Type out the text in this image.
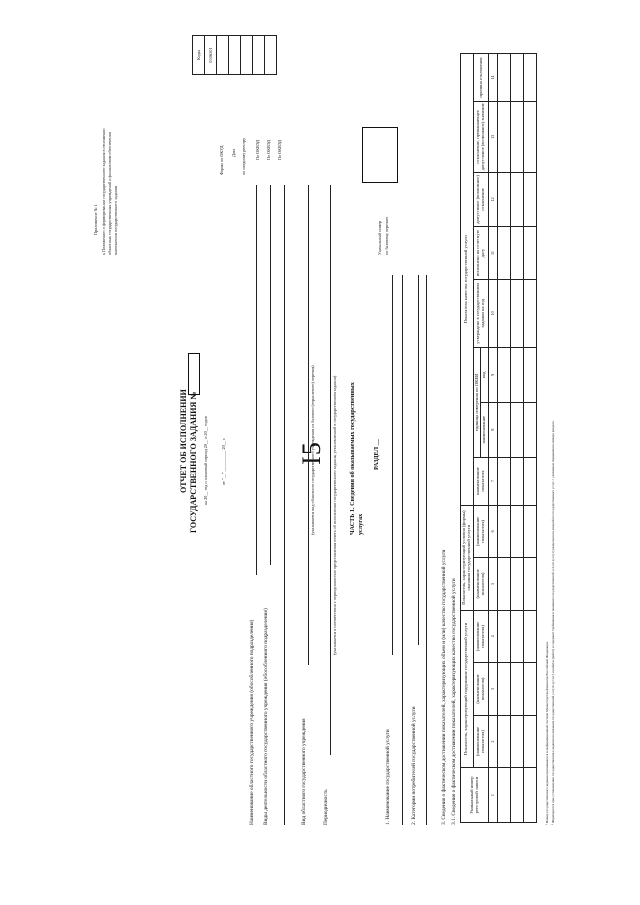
I5
Приложение № 1 к Положению о формировании государственного задания в отношении областных государственных учреждений и финансовом обеспечении выполнения государственного задания
ОТЧЕТ ОБ ИСПОЛНЕНИИ ГОСУДАРСТВЕННОГО ЗАДАНИЯ № на 20__ год и плановый период 20__ и 20__ годов	от "__" __________ 20__ г.
	Коды
	0506501

Форма по ОКУД Дата по сводному реестру По ОКВЭД По ОКВЭД По ОКВЭД
Наименование областного государственного учреждения (обособленного подразделения) Виды деятельности областного государственного учреждения (обособленного подразделения)	Вид областного государственного учреждения
(указывается вид областного государственного учреждения из базового (отраслевого) перечня)
Периодичность
(указывается в соответствии с периодичностью представления отчета об исполнении государственного задания, установленной в государственном задании) ЧАСТЬ 1. Сведения об оказываемых государственных услугах
РАЗДЕЛ __
1. Наименование государственной услуги	2. Категории потребителей государственной услуги
Уникальный номер по базовому перечню
3. Сведения о фактическом достижении показателей, характеризующих объем и (или) качество государственной услуги 3.1. Сведения о фактическом достижении показателей, характеризующих качество государственной услуги	Уникальный номер реестровой записи	Показатель, характеризующий содержание государственной услуги			Показатель, характеризующий условия (формы) оказания государственной услуги		Показатель качества государственной услуги							
	(наименование показателя)	(наименование показателя)	(наименование показателя)	(наименование показателя)	(наименование показателя)	наименование показателя	единица измерения по ОКЕИ		утверждено в государственном задании на год	исполнено на отчетную дату	допустимое (возможное) отклонение	отклонение, превышающее допустимое (возможное) значение	причина отклонения
							наименование	код					
1	2	3	4	5	6	7	8	9	10	11	12	13	14

¹ Номер государственного задания присваивается в информационной системе Министерства финансов Российской Федерации. ² Формируется при установлении государственного задания на оказание государственной услуги (услуг) и работы (работ) и содержит требования к оказанию государственной услуги (услуг) раздельно по каждой из государственных услуг с указанием порядкового номера раздела.
